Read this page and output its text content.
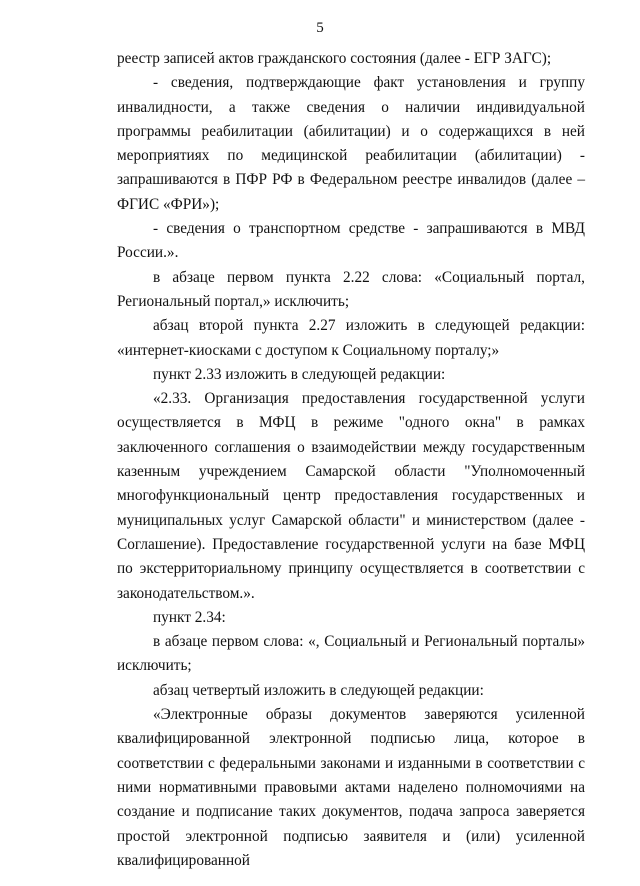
5

реестр записей актов гражданского состояния (далее - ЕГР ЗАГС);

- сведения, подтверждающие факт установления и группу инвалидности, а также сведения о наличии индивидуальной программы реабилитации (абилитации) и о содержащихся в ней мероприятиях по медицинской реабилитации (абилитации) - запрашиваются в ПФР РФ в Федеральном реестре инвалидов (далее – ФГИС «ФРИ»);

- сведения о транспортном средстве - запрашиваются в МВД России.».

в абзаце первом пункта 2.22 слова: «Социальный портал, Региональный портал,» исключить;

абзац второй пункта 2.27 изложить в следующей редакции: «интернет-киосками с доступом к Социальному порталу;»

пункт 2.33 изложить в следующей редакции:

«2.33. Организация предоставления государственной услуги осуществляется в МФЦ в режиме "одного окна" в рамках заключенного соглашения о взаимодействии между государственным казенным учреждением Самарской области "Уполномоченный многофункциональный центр предоставления государственных и муниципальных услуг Самарской области" и министерством (далее - Соглашение). Предоставление государственной услуги на базе МФЦ по экстерриториальному принципу осуществляется в соответствии с законодательством.».

пункт 2.34:

в абзаце первом слова: «, Социальный и Региональный порталы» исключить;

абзац четвертый изложить в следующей редакции:

«Электронные образы документов заверяются усиленной квалифицированной электронной подписью лица, которое в соответствии с федеральными законами и изданными в соответствии с ними нормативными правовыми актами наделено полномочиями на создание и подписание таких документов, подача запроса заверяется простой электронной подписью заявителя и (или) усиленной квалифицированной
